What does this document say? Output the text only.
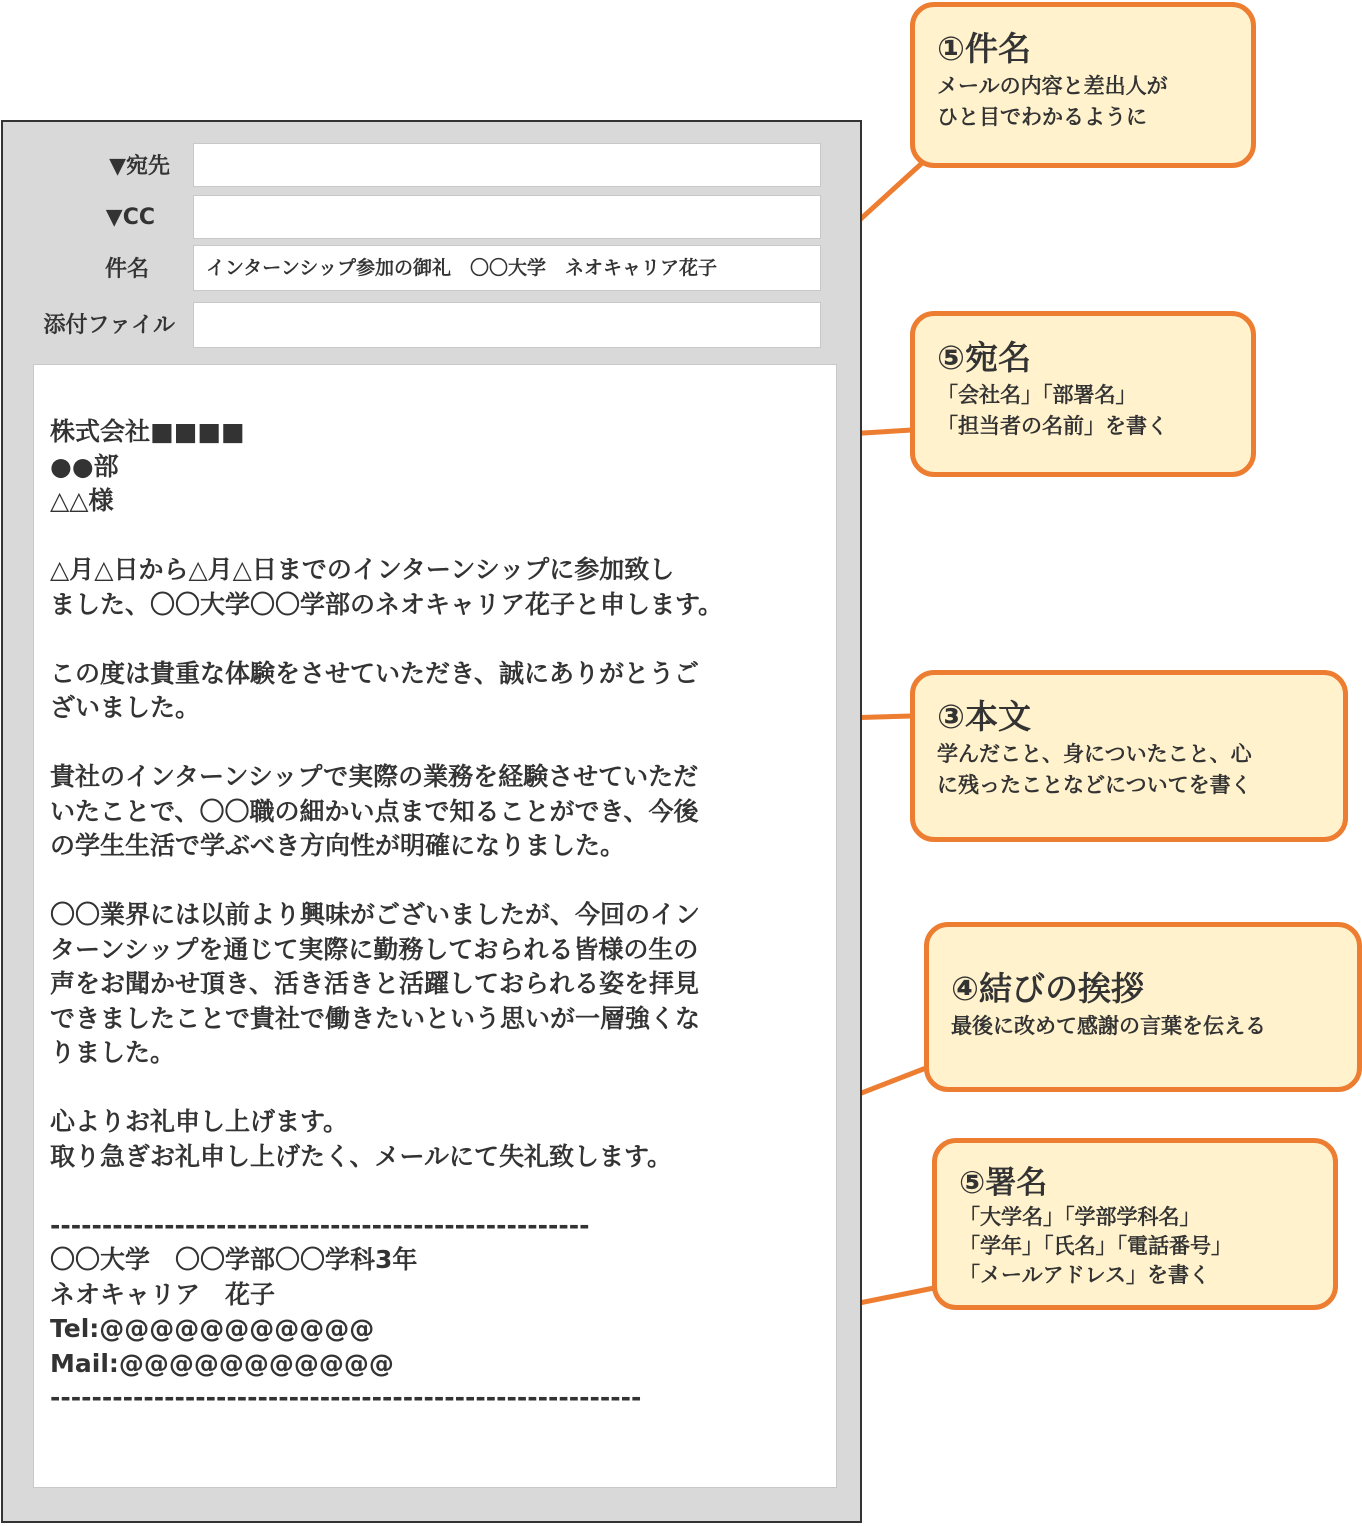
▼宛先
▼CC
件名	インターンシップ参加の御礼　〇〇大学　ネオキャリア花子
添付ファイル
株式会社■■■■
●●部
△△様

△月△日から△月△日までのインターンシップに参加致し
ました、〇〇大学〇〇学部のネオキャリア花子と申します。

この度は貴重な体験をさせていただき、誠にありがとうご
ざいました。

貴社のインターンシップで実際の業務を経験させていただ
いたことで、〇〇職の細かい点まで知ることができ、今後
の学生生活で学ぶべき方向性が明確になりました。

〇〇業界には以前より興味がございましたが、今回のイン
ターンシップを通じて実際に勤務しておられる皆様の生の
声をお聞かせ頂き、活き活きと活躍しておられる姿を拝見
できましたことで貴社で働きたいという思いが一層強くな
りました。

心よりお礼申し上げます。
取り急ぎお礼申し上げたく、メールにて失礼致します。

----------------------------------------------------
〇〇大学　〇〇学部〇〇学科3年
ネオキャリア　花子
Tel:@@@@@@@@@@@
Mail:@@@@@@@@@@@
---------------------------------------------------------
①件名
メールの内容と差出人が
ひと目でわかるように
⑤宛名
「会社名」「部署名」
「担当者の名前」を書く
③本文
学んだこと、身についたこと、心
に残ったことなどについてを書く
④結びの挨拶
最後に改めて感謝の言葉を伝える
⑤署名
「大学名」「学部学科名」
「学年」「氏名」「電話番号」
「メールアドレス」を書く
